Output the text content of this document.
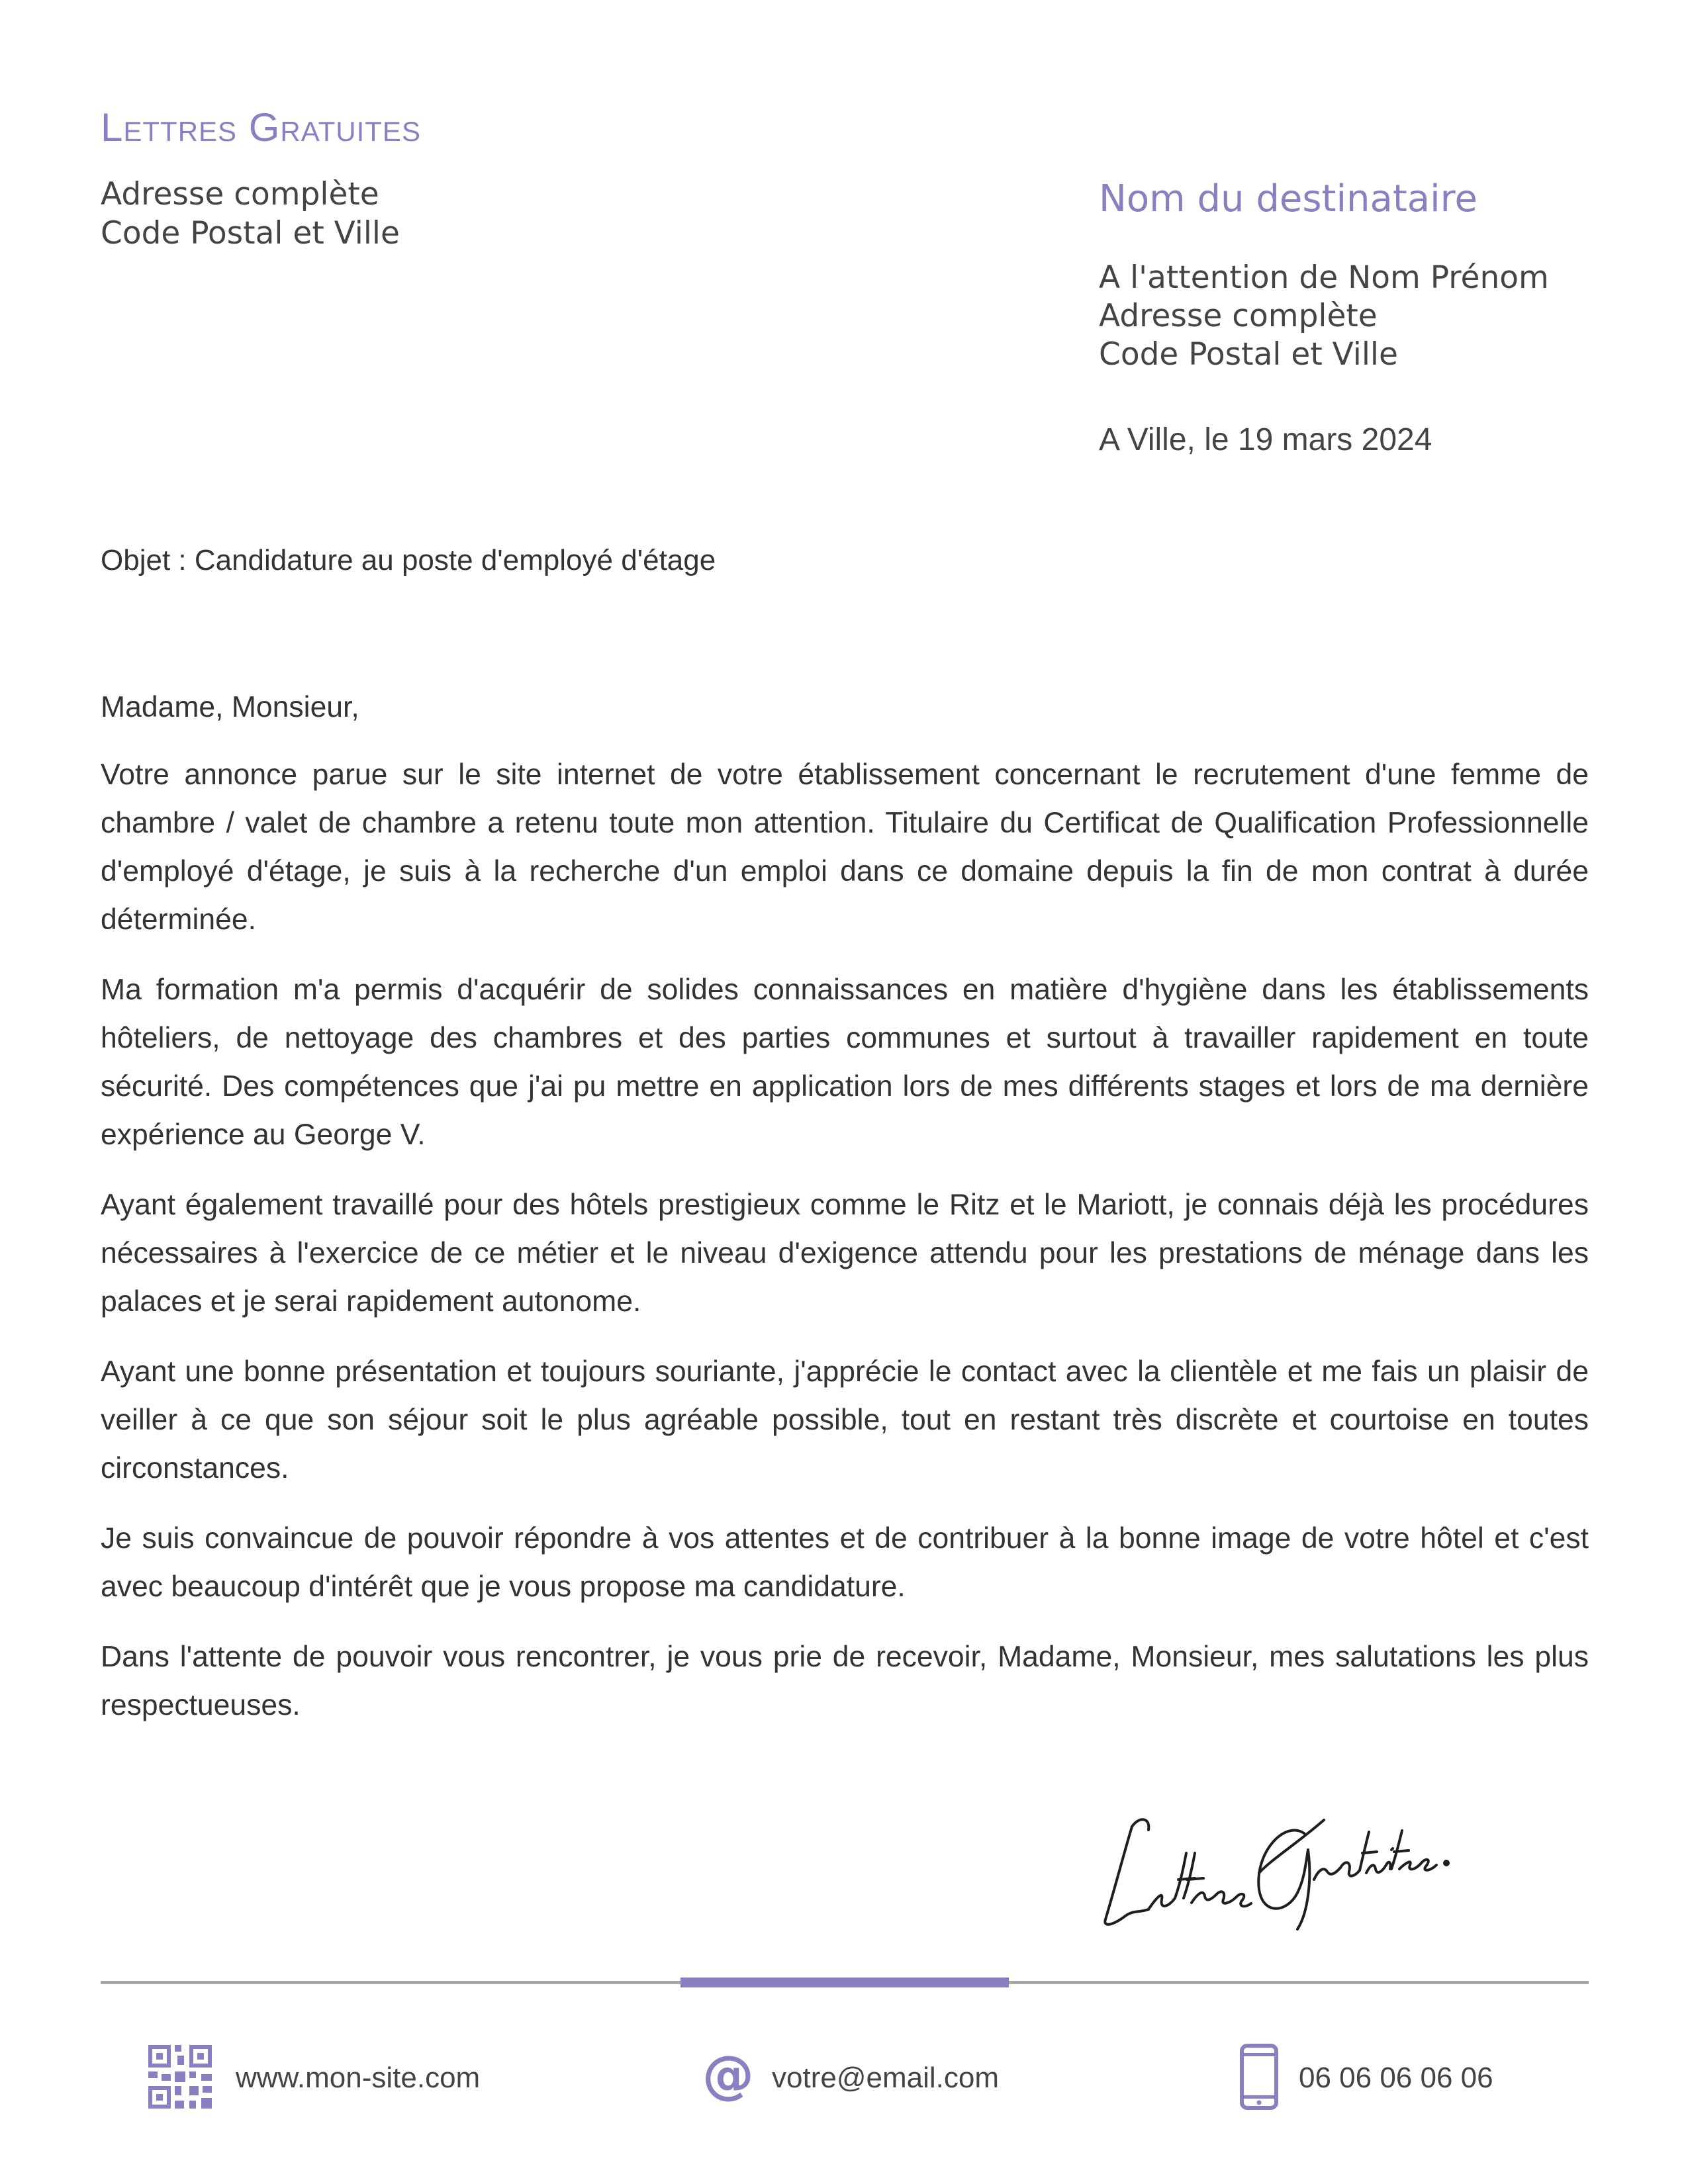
Lettres Gratuites
Adresse complète
Code Postal et Ville
Nom du destinataire
A l'attention de Nom Prénom
Adresse complète
Code Postal et Ville
A Ville, le 19 mars 2024
Objet : Candidature au poste d'employé d'étage

Madame, Monsieur,

Votre annonce parue sur le site internet de votre établissement concernant le recrutement d'une femme de chambre / valet de chambre a retenu toute mon attention. Titulaire du Certificat de Qualification Professionnelle d'employé d'étage, je suis à la recherche d'un emploi dans ce domaine depuis la fin de mon contrat à durée déterminée.

Ma formation m'a permis d'acquérir de solides connaissances en matière d'hygiène dans les établissements hôteliers, de nettoyage des chambres et des parties communes et surtout à travailler rapidement en toute sécurité. Des compétences que j'ai pu mettre en application lors de mes différents stages et lors de ma dernière expérience au George V.

Ayant également travaillé pour des hôtels prestigieux comme le Ritz et le Mariott, je connais déjà les procédures nécessaires à l'exercice de ce métier et le niveau d'exigence attendu pour les prestations de ménage dans les palaces et je serai rapidement autonome.

Ayant une bonne présentation et toujours souriante, j'apprécie le contact avec la clientèle et me fais un plaisir de veiller à ce que son séjour soit le plus agréable possible, tout en restant très discrète et courtoise en toutes circonstances.

Je suis convaincue de pouvoir répondre à vos attentes et de contribuer à la bonne image de votre hôtel et c'est avec beaucoup d'intérêt que je vous propose ma candidature.

Dans l'attente de pouvoir vous rencontrer, je vous prie de recevoir, Madame, Monsieur, mes salutations les plus respectueuses.

www.mon-site.com	@ votre@email.com	06 06 06 06 06
